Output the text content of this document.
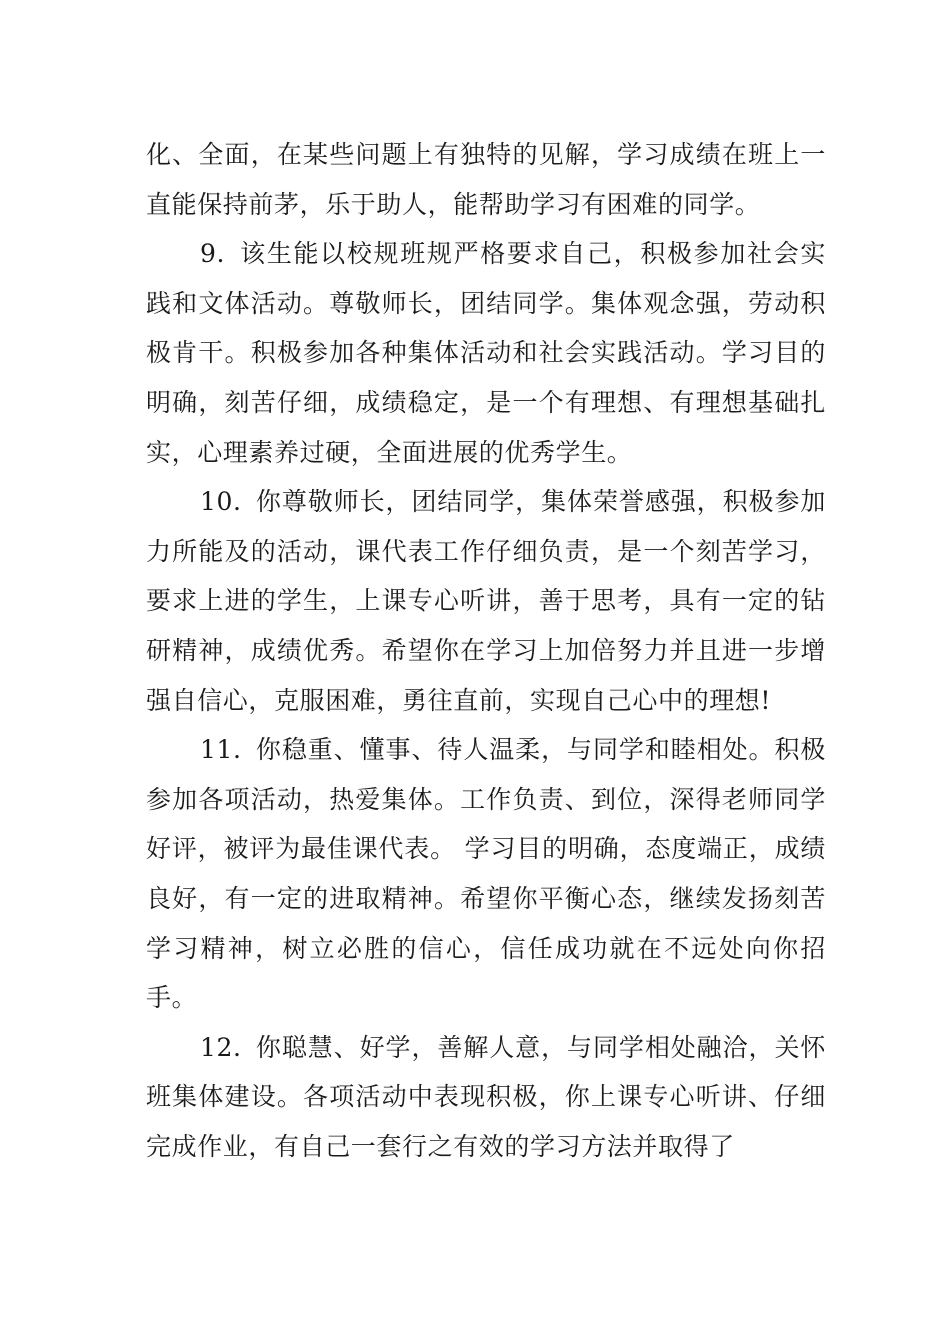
化、全面，在某些问题上有独特的见解，学习成绩在班上一直能保持前茅，乐于助人，能帮助学习有困难的同学。

9. 该生能以校规班规严格要求自己，积极参加社会实践和文体活动。尊敬师长，团结同学。集体观念强，劳动积极肯干。积极参加各种集体活动和社会实践活动。学习目的明确，刻苦仔细，成绩稳定，是一个有理想、有理想基础扎实，心理素养过硬，全面进展的优秀学生。

10. 你尊敬师长，团结同学，集体荣誉感强，积极参加力所能及的活动，课代表工作仔细负责，是一个刻苦学习，要求上进的学生，上课专心听讲，善于思考，具有一定的钻研精神，成绩优秀。希望你在学习上加倍努力并且进一步增强自信心，克服困难，勇往直前，实现自己心中的理想!

11. 你稳重、懂事、待人温柔，与同学和睦相处。积极参加各项活动，热爱集体。工作负责、到位，深得老师同学好评，被评为最佳课代表。 学习目的明确，态度端正，成绩良好，有一定的进取精神。希望你平衡心态，继续发扬刻苦学习精神，树立必胜的信心，信任成功就在不远处向你招手。

12. 你聪慧、好学，善解人意，与同学相处融洽，关怀班集体建设。各项活动中表现积极，你上课专心听讲、仔细完成作业，有自己一套行之有效的学习方法并取得了
